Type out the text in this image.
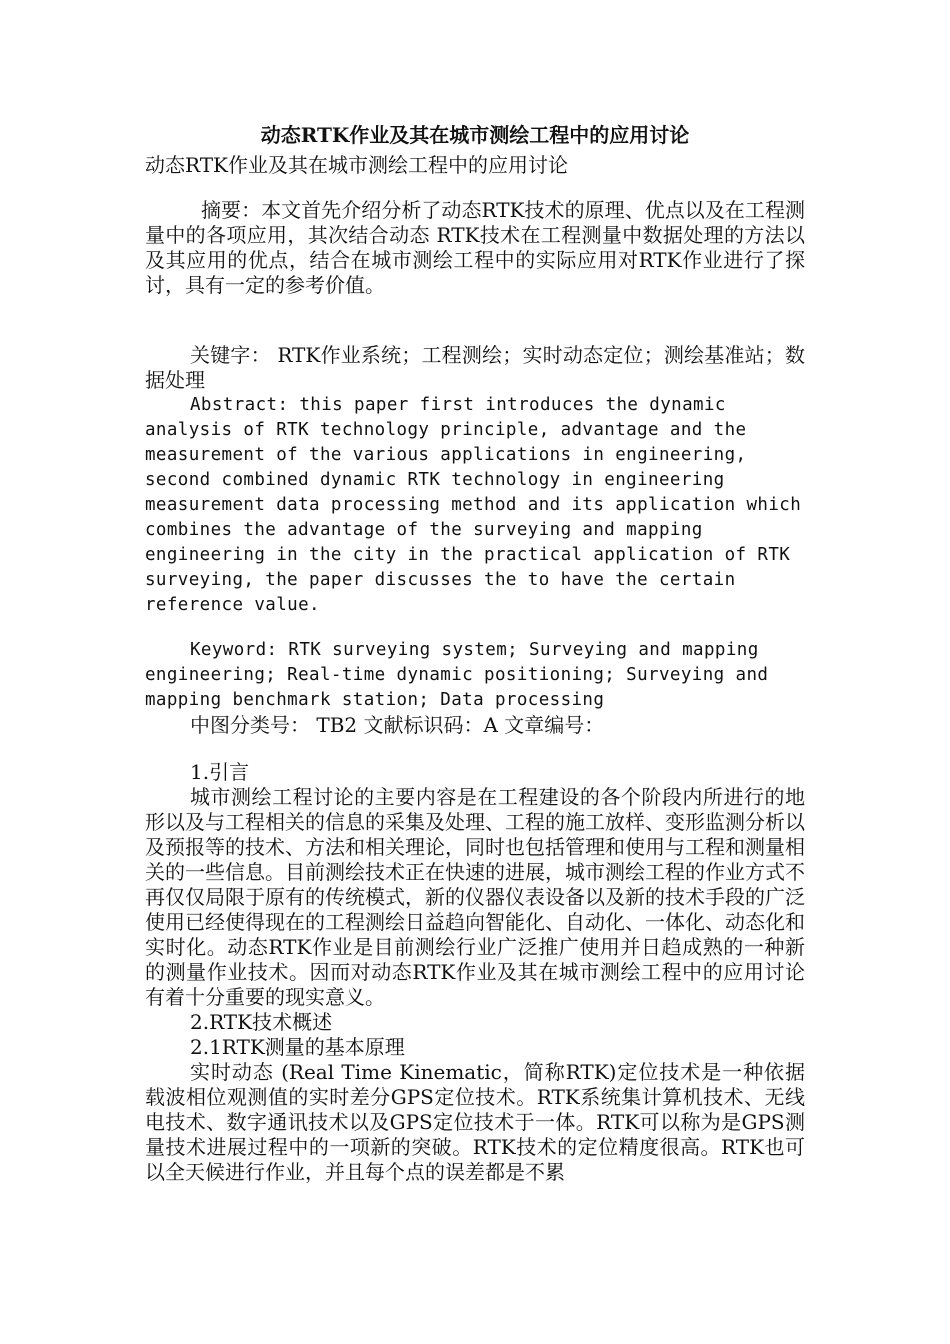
动态RTK作业及其在城市测绘工程中的应用讨论
动态RTK作业及其在城市测绘工程中的应用讨论

摘要：本文首先介绍分析了动态RTK技术的原理、优点以及在工程测量中的各项应用，其次结合动态 RTK技术在工程测量中数据处理的方法以及其应用的优点，结合在城市测绘工程中的实际应用对RTK作业进行了探讨，具有一定的参考价值。

关键字： RTK作业系统；工程测绘；实时动态定位；测绘基准站；数据处理

Abstract: this paper first introduces the dynamic analysis of RTK technology principle, advantage and the measurement of the various applications in engineering, second combined dynamic RTK technology in engineering measurement data processing method and its application which combines the advantage of the surveying and mapping engineering in the city in the practical application of RTK surveying, the paper discusses the to have the certain reference value.

Keyword: RTK surveying system; Surveying and mapping engineering; Real-time dynamic positioning; Surveying and mapping benchmark station; Data processing

中图分类号： TB2 文献标识码：A 文章编号：

1.引言

城市测绘工程讨论的主要内容是在工程建设的各个阶段内所进行的地形以及与工程相关的信息的采集及处理、工程的施工放样、变形监测分析以及预报等的技术、方法和相关理论，同时也包括管理和使用与工程和测量相关的一些信息。目前测绘技术正在快速的进展，城市测绘工程的作业方式不再仅仅局限于原有的传统模式，新的仪器仪表设备以及新的技术手段的广泛使用已经使得现在的工程测绘日益趋向智能化、自动化、一体化、动态化和实时化。动态RTK作业是目前测绘行业广泛推广使用并日趋成熟的一种新的测量作业技术。因而对动态RTK作业及其在城市测绘工程中的应用讨论有着十分重要的现实意义。

2.RTK技术概述

2.1RTK测量的基本原理

实时动态 (Real Time Kinematic，简称RTK)定位技术是一种依据载波相位观测值的实时差分GPS定位技术。RTK系统集计算机技术、无线电技术、数字通讯技术以及GPS定位技术于一体。RTK可以称为是GPS测量技术进展过程中的一项新的突破。RTK技术的定位精度很高。RTK也可以全天候进行作业，并且每个点的误差都是不累
